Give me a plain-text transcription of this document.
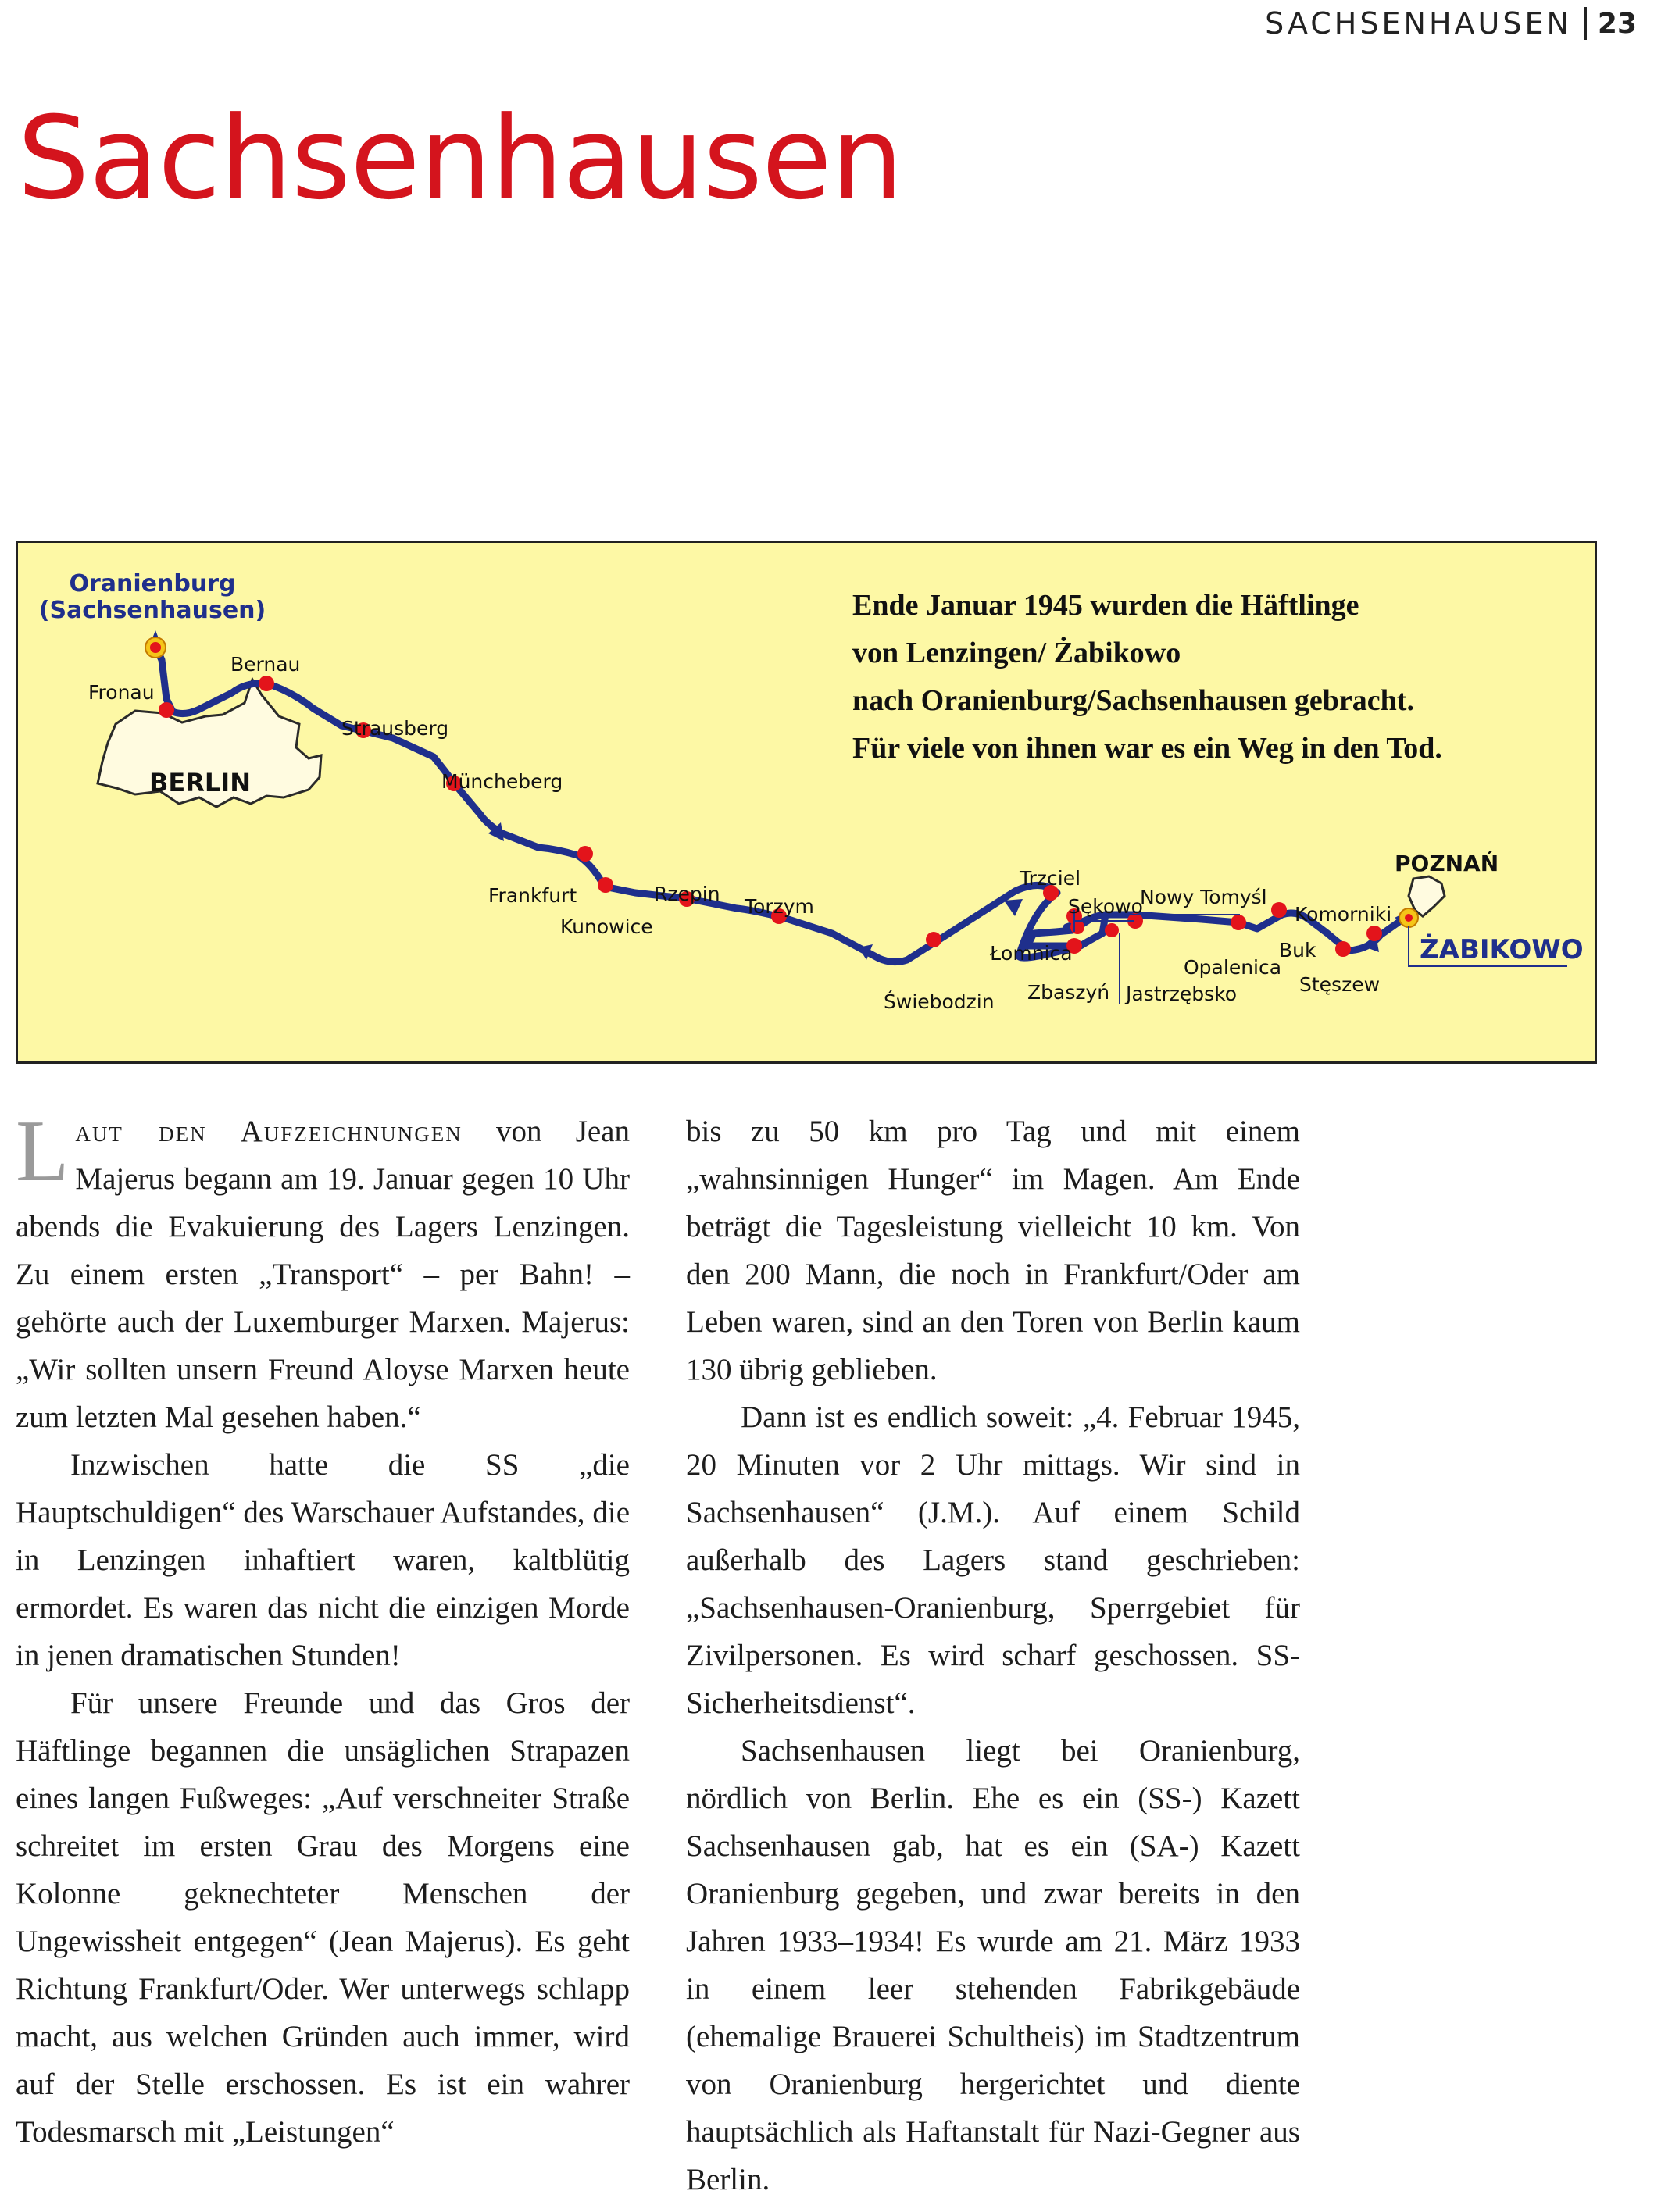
SACHSENHAUSEN 23
Sachsenhausen
Oranienburg
(Sachsenhausen)
Fronau
Bernau
BERLIN
Strausberg
Müncheberg
Frankfurt
Kunowice
Rzepin
Torzym
Świebodzin
Trzciel
Sękowo
Łomnica
Zbaszyń
Nowy Tomyśl
Jastrzębsko
Opalenica
Buk
Komorniki
Stęszew
POZNAŃ
ŻABIKOWO
Ende Januar 1945 wurden die Häftlinge
von Lenzingen/ Żabikowo
nach Oranienburg/Sachsenhausen gebracht.
Für viele von ihnen war es ein Weg in den Tod.

Laut den Aufzeichnungen von Jean Majerus begann am 19. Januar gegen 10 Uhr abends die Evakuierung des Lagers Lenzingen. Zu einem ersten „Transport“ – per Bahn! – gehörte auch der Luxemburger Marxen. Majerus: „Wir sollten unsern Freund Aloyse Marxen heute zum letzten Mal gesehen haben.“

Inzwischen hatte die SS „die Hauptschuldigen“ des Warschauer Aufstandes, die in Lenzingen inhaftiert waren, kaltblütig ermordet. Es waren das nicht die einzigen Morde in jenen dramatischen Stunden!

Für unsere Freunde und das Gros der Häftlinge begannen die unsäglichen Strapazen eines langen Fußweges: „Auf verschneiter Straße schreitet im ersten Grau des Morgens eine Kolonne geknechteter Menschen der Ungewissheit entgegen“ (Jean Majerus). Es geht Richtung Frankfurt/Oder. Wer unterwegs schlapp macht, aus welchen Gründen auch immer, wird auf der Stelle erschossen. Es ist ein wahrer Todesmarsch mit „Leistungen“

bis zu 50 km pro Tag und mit einem „wahnsinnigen Hunger“ im Magen. Am Ende beträgt die Tagesleistung vielleicht 10 km. Von den 200 Mann, die noch in Frankfurt/Oder am Leben waren, sind an den Toren von Berlin kaum 130 übrig geblieben.

Dann ist es endlich soweit: „4. Februar 1945, 20 Minuten vor 2 Uhr mittags. Wir sind in Sachsenhausen“ (J.M.). Auf einem Schild außerhalb des Lagers stand geschrieben: „Sachsenhausen-Oranienburg, Sperrgebiet für Zivilpersonen. Es wird scharf geschossen. SS-Sicherheitsdienst“.

Sachsenhausen liegt bei Oranienburg, nördlich von Berlin. Ehe es ein (SS-) Kazett Sachsenhausen gab, hat es ein (SA-) Kazett Oranienburg gegeben, und zwar bereits in den Jahren 1933–1934! Es wurde am 21. März 1933 in einem leer stehenden Fabrikgebäude (ehemalige Brauerei Schultheis) im Stadtzentrum von Oranienburg hergerichtet und diente hauptsächlich als Haftanstalt für Nazi-Gegner aus Berlin.
